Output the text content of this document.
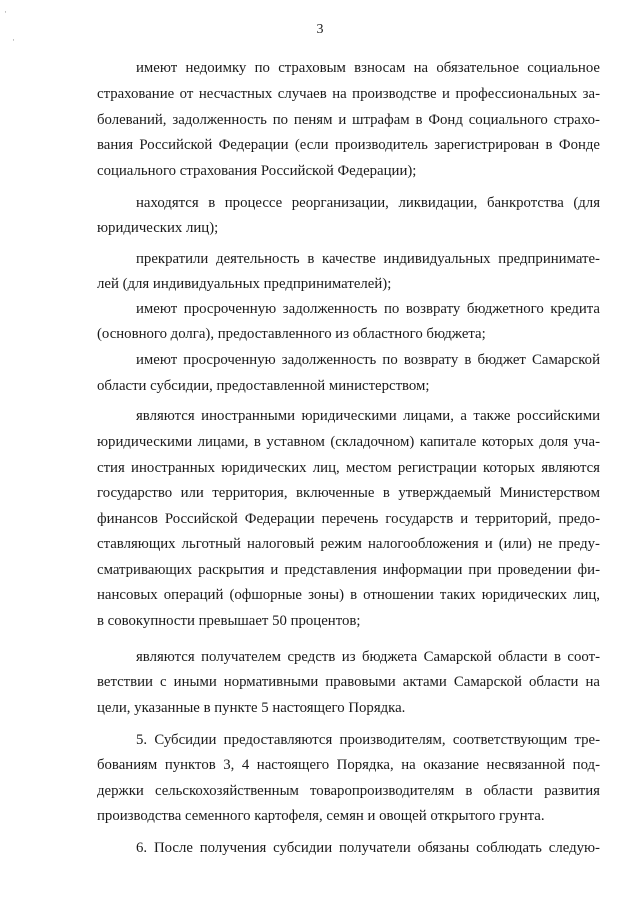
·
·
3
имеют недоимку по страховым взносам на обязательное социальное
страхование от несчастных случаев на производстве и профессиональных за-
болеваний, задолженность по пеням и штрафам в Фонд социального страхо-
вания Российской Федерации (если производитель зарегистрирован в Фонде
социального страхования Российской Федерации);
находятся в процессе реорганизации, ликвидации, банкротства (для
юридических лиц);
прекратили деятельность в качестве индивидуальных предпринимате-
лей (для индивидуальных предпринимателей);
имеют просроченную задолженность по возврату бюджетного кредита
(основного долга), предоставленного из областного бюджета;
имеют просроченную задолженность по возврату в бюджет Самарской
области субсидии, предоставленной министерством;
являются иностранными юридическими лицами, а также российскими
юридическими лицами, в уставном (складочном) капитале которых доля уча-
стия иностранных юридических лиц, местом регистрации которых являются
государство или территория, включенные в утверждаемый Министерством
финансов Российской Федерации перечень государств и территорий, предо-
ставляющих льготный налоговый режим налогообложения и (или) не преду-
сматривающих раскрытия и представления информации при проведении фи-
нансовых операций (офшорные зоны) в отношении таких юридических лиц,
в совокупности превышает 50 процентов;
являются получателем средств из бюджета Самарской области в соот-
ветствии с иными нормативными правовыми актами Самарской области на
цели, указанные в пункте 5 настоящего Порядка.
5. Субсидии предоставляются производителям, соответствующим тре-
бованиям пунктов 3, 4 настоящего Порядка, на оказание несвязанной под-
держки сельскохозяйственным товаропроизводителям в области развития
производства семенного картофеля, семян и овощей открытого грунта.
6. После получения субсидии получатели обязаны соблюдать следую-
